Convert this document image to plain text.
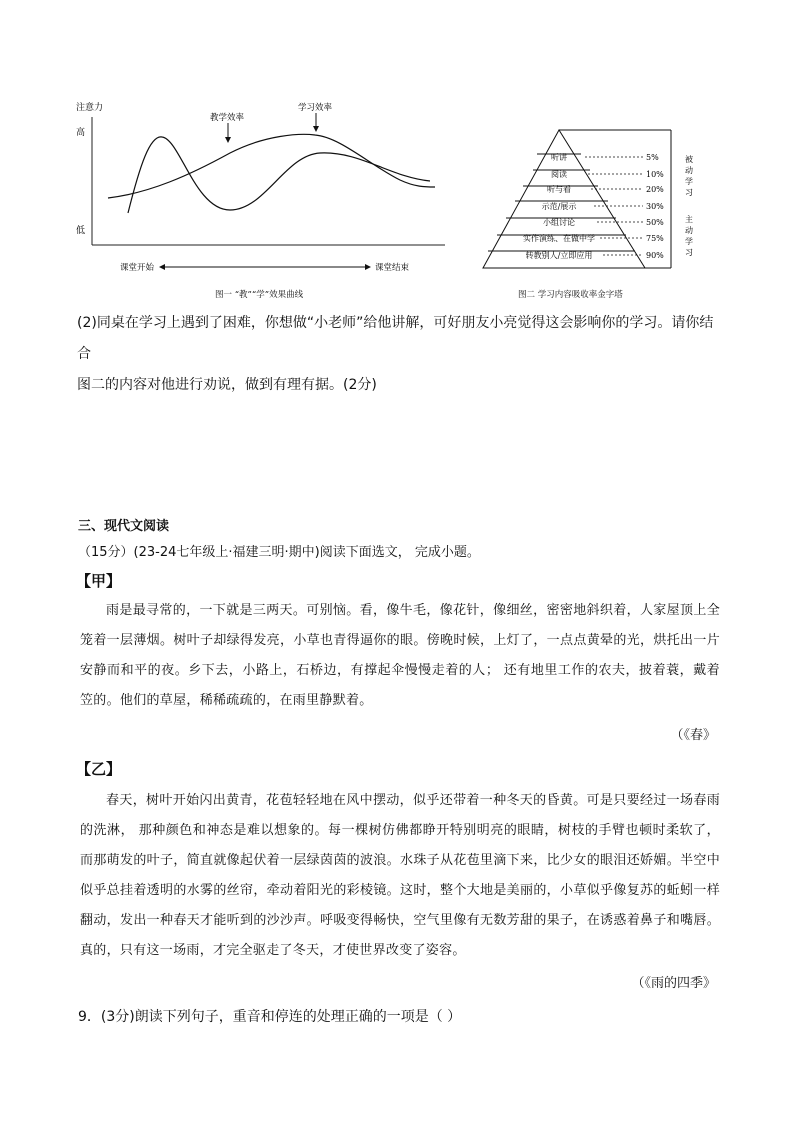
注意力
高
低
教学效率
学习效率
课堂开始	课堂结束
图一 “教”“学”效果曲线
听讲	5%
阅读	10%
听与看	20%
示范/展示	30%
小组讨论	50%
实作演练、在做中学	75%
转教别人/立即应用	90%
被动学习
主动学习
图二 学习内容吸收率金字塔
(2)同桌在学习上遇到了困难，你想做“小老师”给他讲解，可好朋友小亮觉得这会影响你的学习。请你结合
图二的内容对他进行劝说，做到有理有据。(2分)
三、现代文阅读
（15分）(23-24七年级上·福建三明·期中)阅读下面选文， 完成小题。
【甲】
雨是最寻常的，一下就是三两天。可别恼。看，像牛毛，像花针，像细丝，密密地斜织着，人家屋顶上全笼着一层薄烟。树叶子却绿得发亮，小草也青得逼你的眼。傍晚时候，上灯了，一点点黄晕的光，烘托出一片安静而和平的夜。乡下去，小路上，石桥边，有撑起伞慢慢走着的人； 还有地里工作的农夫，披着蓑，戴着笠的。他们的草屋，稀稀疏疏的，在雨里静默着。
（《春》
【乙】
春天，树叶开始闪出黄青，花苞轻轻地在风中摆动，似乎还带着一种冬天的昏黄。可是只要经过一场春雨的洗淋， 那种颜色和神态是难以想象的。每一棵树仿佛都睁开特别明亮的眼睛，树枝的手臂也顿时柔软了，而那萌发的叶子，简直就像起伏着一层绿茵茵的波浪。水珠子从花苞里滴下来，比少女的眼泪还娇媚。半空中似乎总挂着透明的水雾的丝帘，牵动着阳光的彩棱镜。这时，整个大地是美丽的，小草似乎像复苏的蚯蚓一样翻动，发出一种春天才能听到的沙沙声。呼吸变得畅快，空气里像有无数芳甜的果子，在诱惑着鼻子和嘴唇。真的，只有这一场雨，才完全驱走了冬天，才使世界改变了姿容。
（《雨的四季》
9．(3分)朗读下列句子，重音和停连的处理正确的一项是（ ）
